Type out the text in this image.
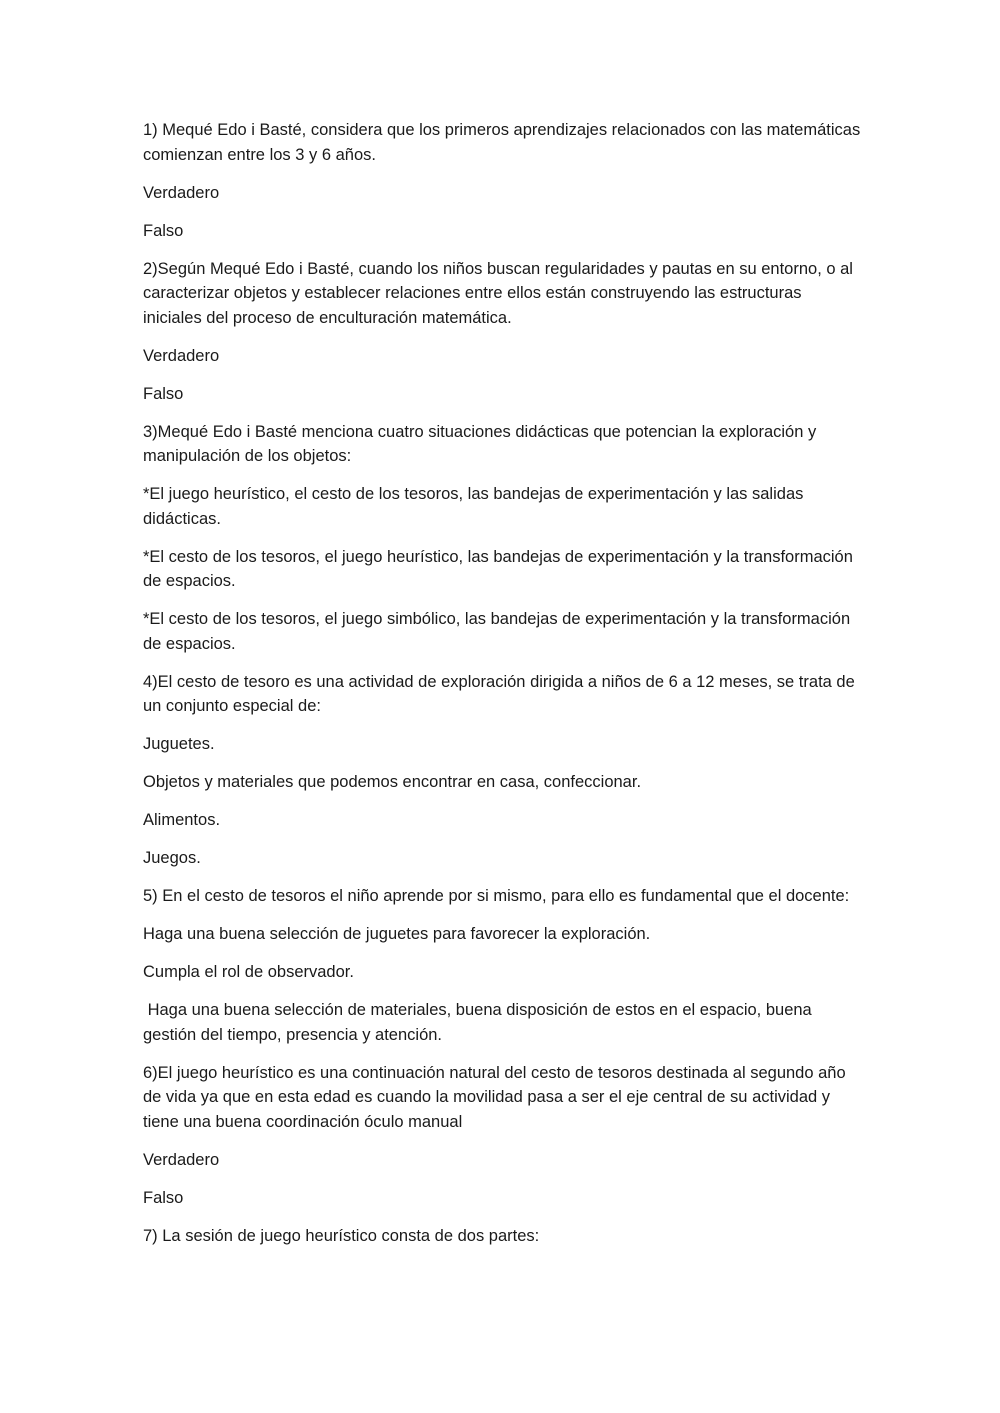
1) Mequé Edo i Basté, considera que los primeros aprendizajes relacionados con las matemáticas comienzan entre los 3 y 6 años.

Verdadero

Falso

2)Según Mequé Edo i Basté, cuando los niños buscan regularidades y pautas en su entorno, o al caracterizar objetos y establecer relaciones entre ellos están construyendo las estructuras iniciales del proceso de enculturación matemática.

Verdadero

Falso

3)Mequé Edo i Basté menciona cuatro situaciones didácticas que potencian la exploración y manipulación de los objetos:

*El juego heurístico, el cesto de los tesoros, las bandejas de experimentación y las salidas didácticas.

*El cesto de los tesoros, el juego heurístico, las bandejas de experimentación y la transformación de espacios.

*El cesto de los tesoros, el juego simbólico, las bandejas de experimentación y la transformación de espacios.

4)El cesto de tesoro es una actividad de exploración dirigida a niños de 6 a 12 meses, se trata de un conjunto especial de:

Juguetes.

Objetos y materiales que podemos encontrar en casa, confeccionar.

Alimentos.

Juegos.

5) En el cesto de tesoros el niño aprende por si mismo, para ello es fundamental que el docente:

Haga una buena selección de juguetes para favorecer la exploración.

Cumpla el rol de observador.

Haga una buena selección de materiales, buena disposición de estos en el espacio, buena gestión del tiempo, presencia y atención.

6)El juego heurístico es una continuación natural del cesto de tesoros destinada al segundo año de vida ya que en esta edad es cuando la movilidad pasa a ser el eje central de su actividad y tiene una buena coordinación óculo manual

Verdadero

Falso

7) La sesión de juego heurístico consta de dos partes:
